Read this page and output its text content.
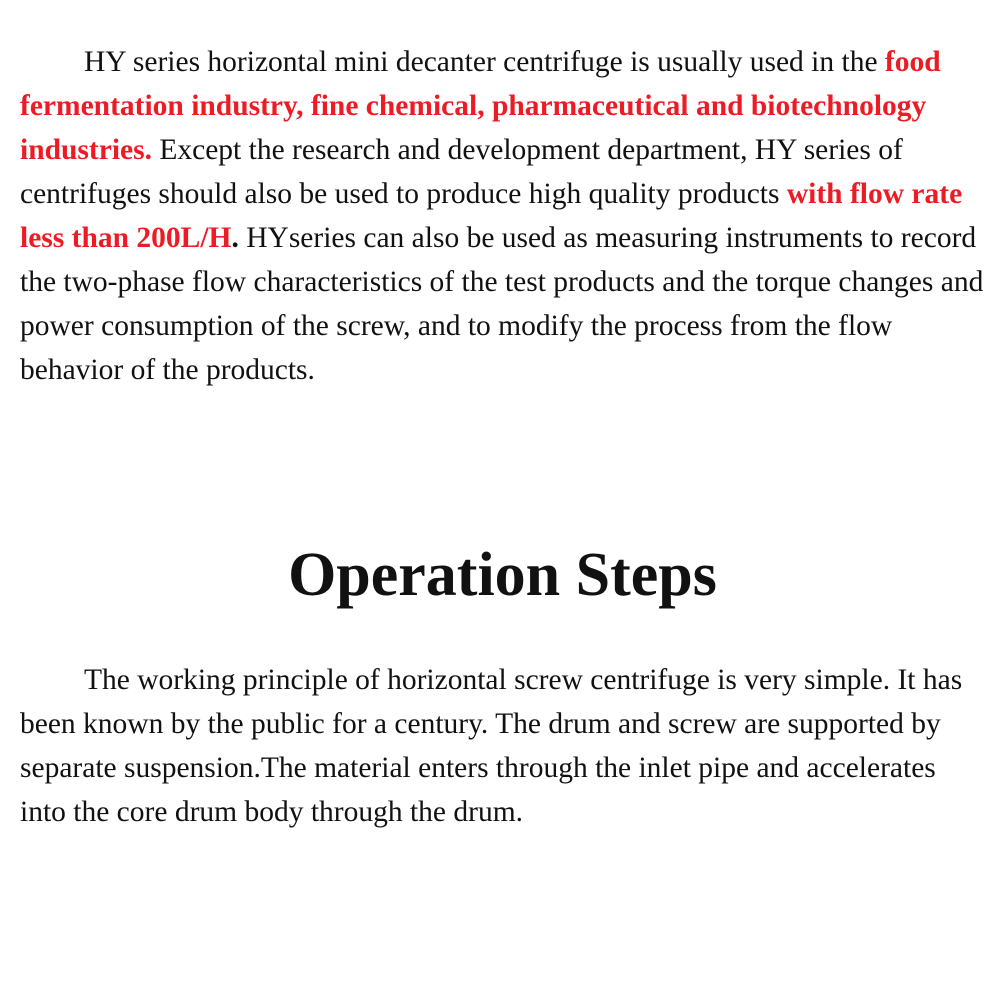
HY series horizontal mini decanter centrifuge is usually used in the food fermentation industry, fine chemical, pharmaceutical and biotechnology industries. Except the research and development department, HY series of centrifuges should also be used to produce high quality products with flow rate less than 200L/H. HYseries can also be used as measuring instruments to record the two-phase flow characteristics of the test products and the torque changes and power consumption of the screw, and to modify the process from the flow behavior of the products.

Operation Steps

The working principle of horizontal screw centrifuge is very simple. It has been known by the public for a century. The drum and screw are supported by separate suspension.The material enters through the inlet pipe and accelerates into the core drum body through the drum.
